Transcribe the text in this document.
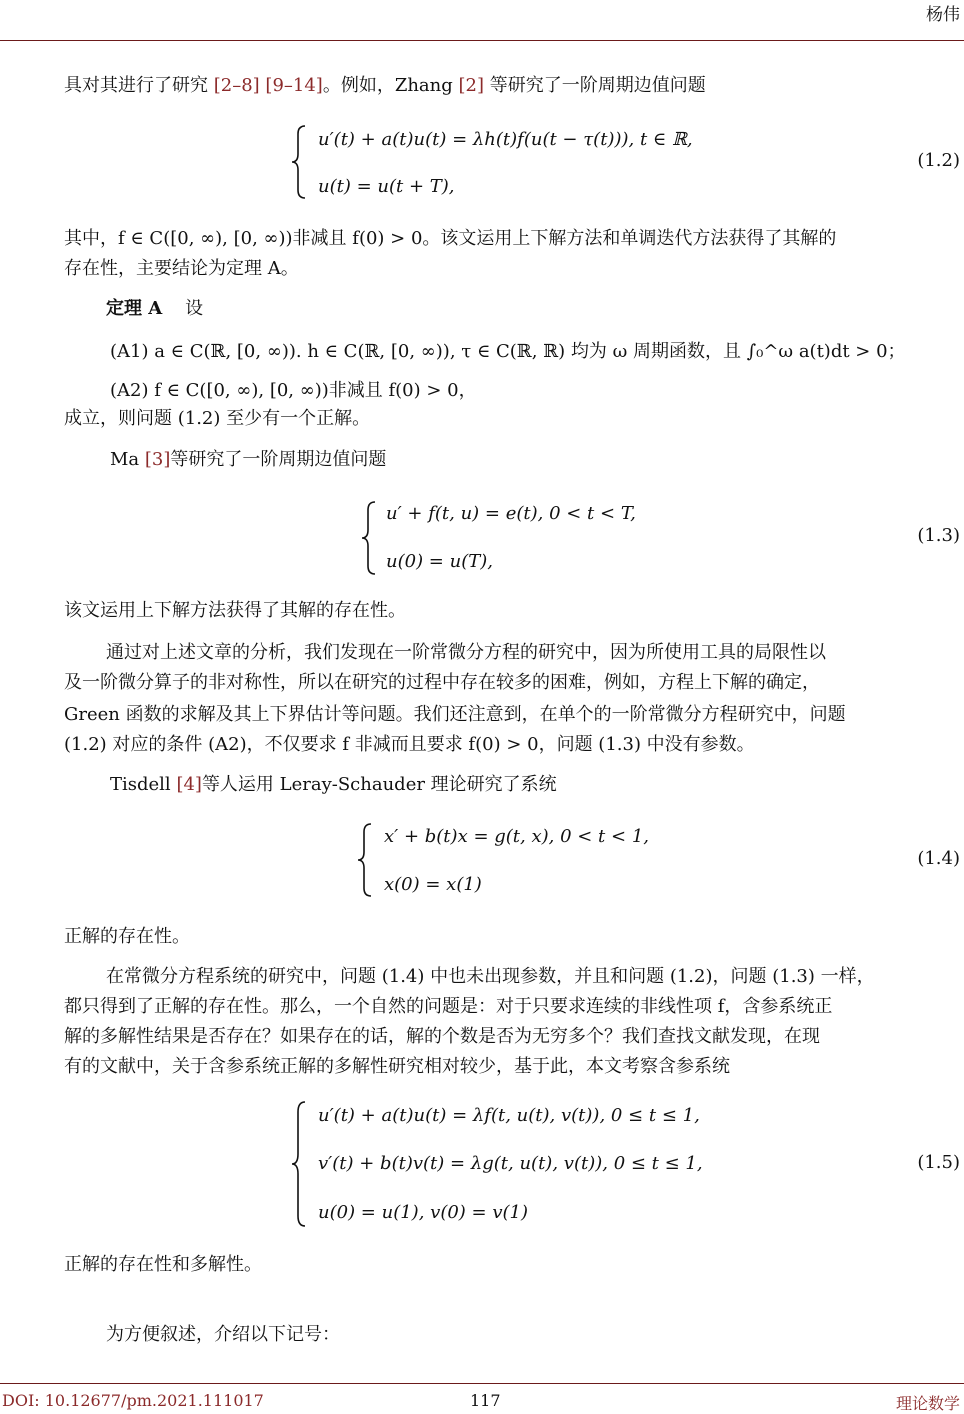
杨伟
具对其进行了研究 [2–8] [9–14]。例如，Zhang [2] 等研究了一阶周期边值问题
u′(t) + a(t)u(t) = λh(t)f(u(t − τ(t))), t ∈ ℝ,
u(t) = u(t + T),
(1.2)
其中，f ∈ C([0, ∞), [0, ∞))非减且 f(0) > 0。该文运用上下解方法和单调迭代方法获得了其解的
存在性，主要结论为定理 A。
定理 A 设
(A1) a ∈ C(ℝ, [0, ∞)). h ∈ C(ℝ, [0, ∞)), τ ∈ C(ℝ, ℝ) 均为 ω 周期函数，且 ∫₀^ω a(t)dt > 0；
(A2) f ∈ C([0, ∞), [0, ∞))非减且 f(0) > 0，
成立，则问题 (1.2) 至少有一个正解。
Ma [3]等研究了一阶周期边值问题
u′ + f(t, u) = e(t), 0 < t < T,
u(0) = u(T),
(1.3)
该文运用上下解方法获得了其解的存在性。
通过对上述文章的分析，我们发现在一阶常微分方程的研究中，因为所使用工具的局限性以
及一阶微分算子的非对称性，所以在研究的过程中存在较多的困难，例如，方程上下解的确定，
Green 函数的求解及其上下界估计等问题。我们还注意到，在单个的一阶常微分方程研究中，问题
(1.2) 对应的条件 (A2)，不仅要求 f 非减而且要求 f(0) > 0，问题 (1.3) 中没有参数。
Tisdell [4]等人运用 Leray-Schauder 理论研究了系统
x′ + b(t)x = g(t, x), 0 < t < 1,
x(0) = x(1)
(1.4)
正解的存在性。
在常微分方程系统的研究中，问题 (1.4) 中也未出现参数，并且和问题 (1.2)，问题 (1.3) 一样，
都只得到了正解的存在性。那么，一个自然的问题是：对于只要求连续的非线性项 f，含参系统正
解的多解性结果是否存在？如果存在的话，解的个数是否为无穷多个？我们查找文献发现，在现
有的文献中，关于含参系统正解的多解性研究相对较少，基于此，本文考察含参系统
u′(t) + a(t)u(t) = λf(t, u(t), v(t)), 0 ≤ t ≤ 1,
v′(t) + b(t)v(t) = λg(t, u(t), v(t)), 0 ≤ t ≤ 1,
u(0) = u(1), v(0) = v(1)
(1.5)
正解的存在性和多解性。
为方便叙述，介绍以下记号：
DOI: 10.12677/pm.2021.111017	117	理论数学
